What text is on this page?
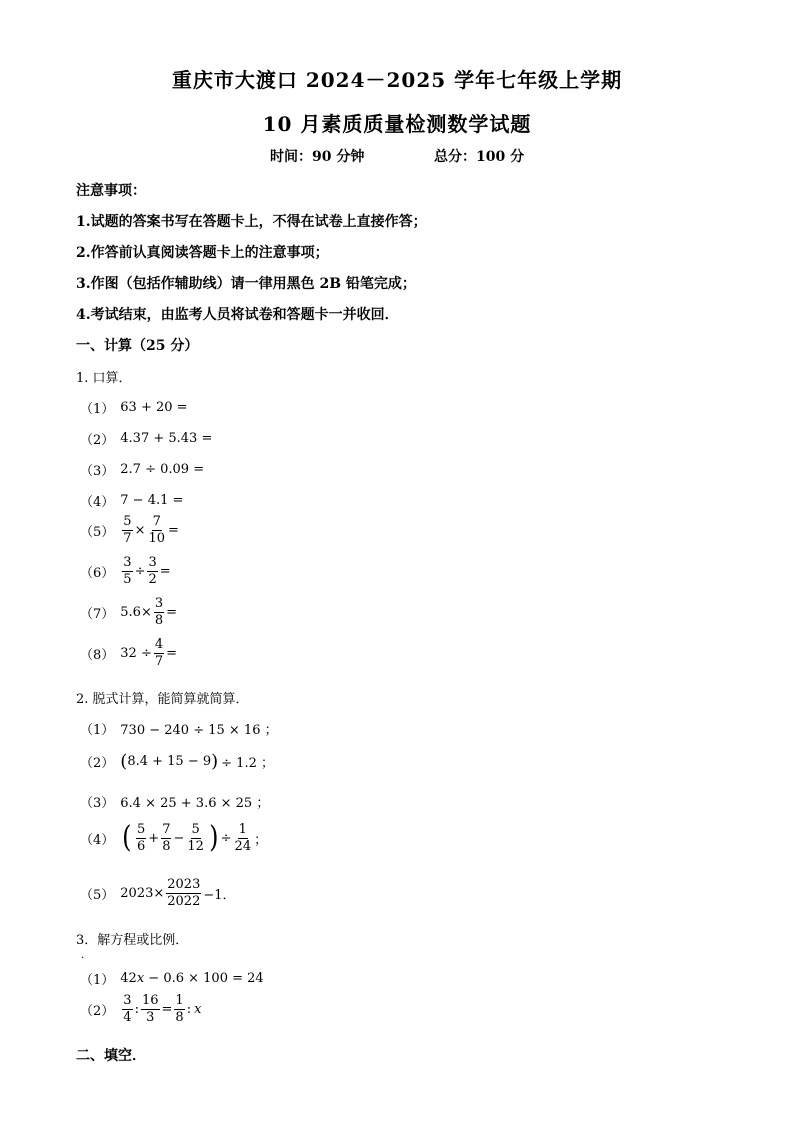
重庆市大渡口 2024－2025 学年七年级上学期
10 月素质质量检测数学试题
时间：90 分钟	总分：100 分
注意事项：
1.试题的答案书写在答题卡上，不得在试卷上直接作答；
2.作答前认真阅读答题卡上的注意事项；
3.作图（包括作辅助线）请一律用黑色 2B 铅笔完成；
4.考试结束，由监考人员将试卷和答题卡一并收回．
一、计算（25 分）
1. 口算．
（1） 63 + 20 =
（2） 4.37 + 5.43 =
（3） 2.7 ÷ 0.09 =
（4） 7 − 4.1 =
$(5) \frac{5}{7} \times \frac{7}{10}$ =
$(6) \frac{3}{5} \div \frac{3}{2}$ =
（7） $5.6\times \frac{3}{8}$ =
（8） $32 \div \frac{4}{7}$ =
2. 脱式计算，能简算就简算．
（1） 730 − 240 ÷ 15 × 16 ；
（2） ( 8.4 + 15 − 9 ) ÷ 1.2 ；
（3） 6.4 × 25 + 3.6 × 25 ；
（4） ( $\frac{5}{6} + \frac{7}{8} - \frac{5}{12}$ ) ÷ $\frac{1}{24}$ ；
（5） $2023\times \frac{2023}{2022} -1$．
3．解方程或比例．
·
（1） 42 x − 0.6 × 100 = 24
$(2) \frac{3}{4}$ : $\frac{16}{3} = \frac{1}{8}$ : x
二、填空．
